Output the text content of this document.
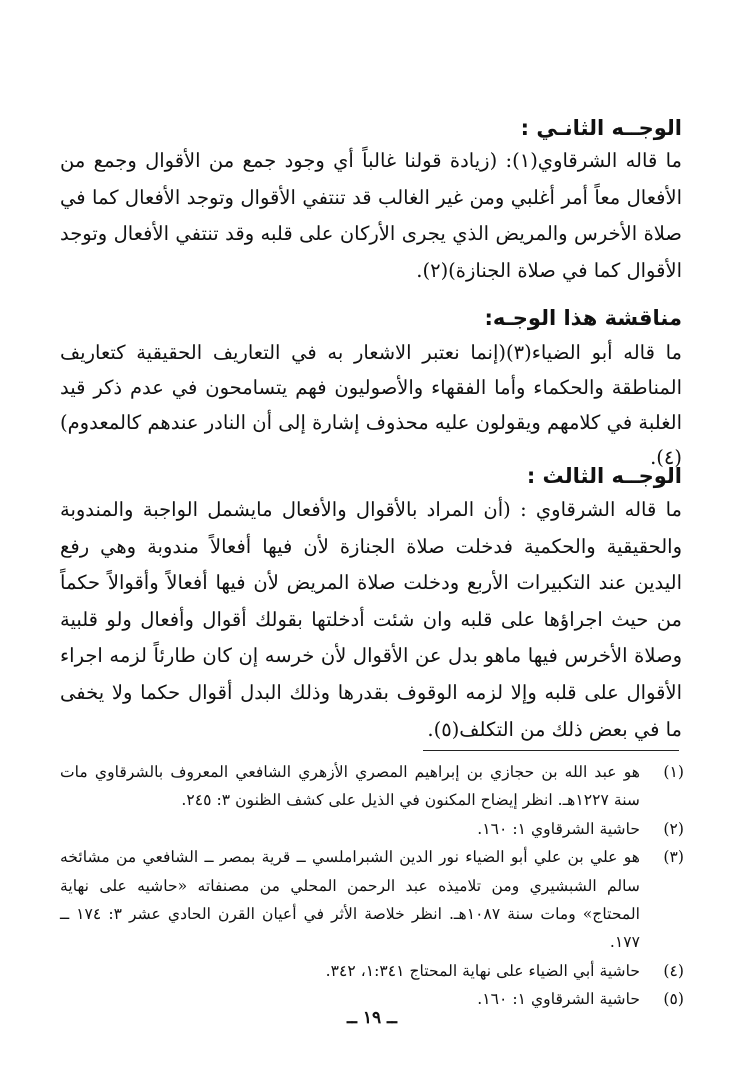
الوجــه الثانـي :
ما قاله الشرقاوي(١): (زيادة قولنا غالباً أي وجود جمع من الأقوال وجمع من الأفعال معاً أمر أغلبي ومن غير الغالب قد تنتفي الأقوال وتوجد الأفعال كما في صلاة الأخرس والمريض الذي يجرى الأركان على قلبه وقد تنتفي الأفعال وتوجد الأقوال كما في صلاة الجنازة)(٢).
مناقشة هذا الوجـه:
ما قاله أبو الضياء(٣)(إنما نعتبر الاشعار به في التعاريف الحقيقية كتعاريف المناطقة والحكماء وأما الفقهاء والأصوليون فهم يتسامحون في عدم ذكر قيد الغلبة في كلامهم ويقولون عليه محذوف إشارة إلى أن النادر عندهم كالمعدوم)(٤).
الوجــه الثالث :
ما قاله الشرقاوي : (أن المراد بالأقوال والأفعال مايشمل الواجبة والمندوبة والحقيقية والحكمية فدخلت صلاة الجنازة لأن فيها أفعالاً مندوبة وهي رفع اليدين عند التكبيرات الأربع ودخلت صلاة المريض لأن فيها أفعالاً وأقوالاً حكماً من حيث اجراؤها على قلبه وان شئت أدخلتها بقولك أقوال وأفعال ولو قلبية وصلاة الأخرس فيها ماهو بدل عن الأقوال لأن خرسه إن كان طارئاً لزمه اجراء الأقوال على قلبه وإلا لزمه الوقوف بقدرها وذلك البدل أقوال حكما ولا يخفى ما في بعض ذلك من التكلف(٥).
(١)
هو عبد الله بن حجازي بن إبراهيم المصري الأزهري الشافعي المعروف بالشرقاوي مات سنة ١٢٢٧هـ. انظر إيضاح المكنون في الذيل على كشف الظنون ٣: ٢٤٥.
(٢)
حاشية الشرقاوي ١: ١٦٠.
(٣)
هو علي بن علي أبو الضياء نور الدين الشبراملسي ــ قرية بمصر ــ الشافعي من مشائخه سالم الشبشيري ومن تلاميذه عبد الرحمن المحلي من مصنفاته «حاشيه على نهاية المحتاج» ومات سنة ١٠٨٧هـ. انظر خلاصة الأثر في أعيان القرن الحادي عشر ٣: ١٧٤ ــ ١٧٧.
(٤)
حاشية أبي الضياء على نهاية المحتاج ١:٣٤١، ٣٤٢.
(٥)
حاشية الشرقاوي ١: ١٦٠.
ــ ١٩ ــ
